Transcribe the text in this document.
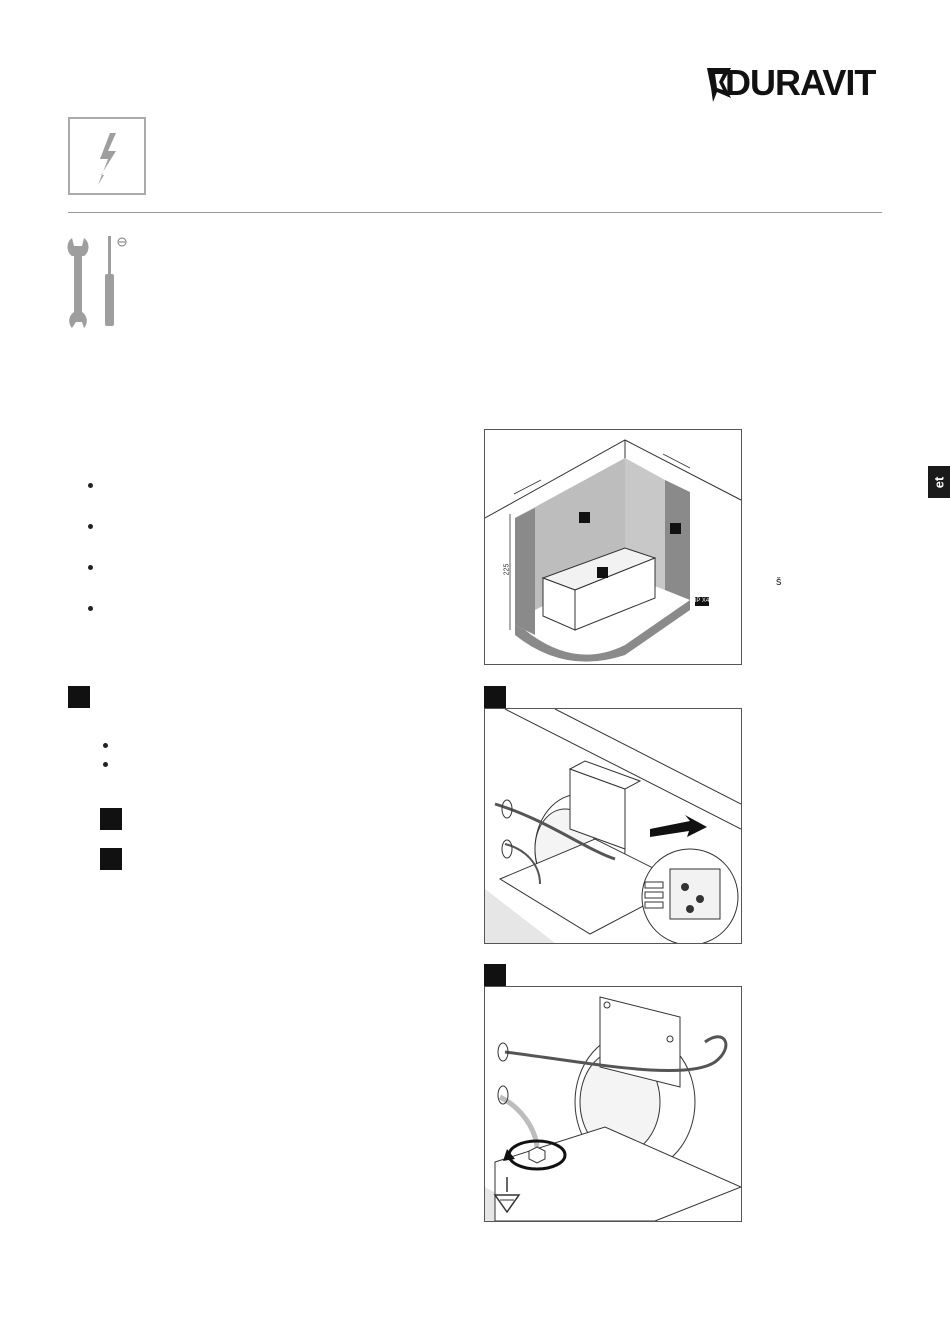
DURAVIT
et
225
IP X4
š
